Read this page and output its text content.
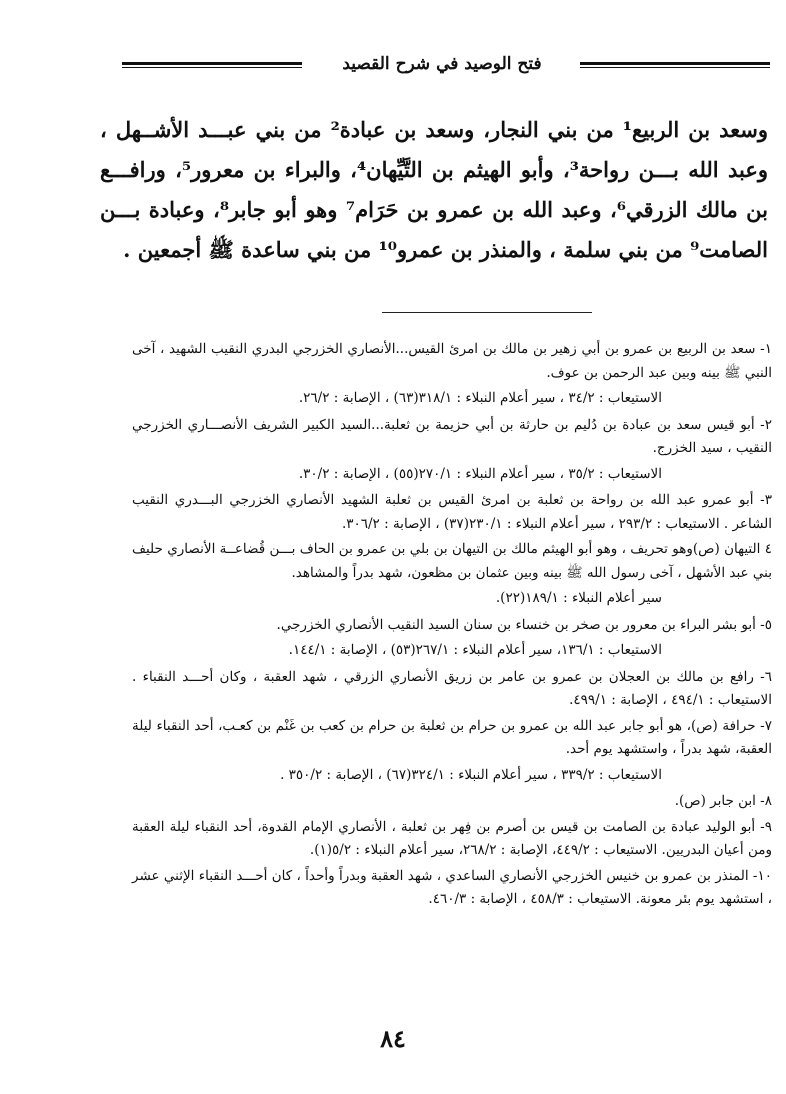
فتح الوصيد في شرح القصيد

وسعد بن الربيع¹ من بني النجار، وسعد بن عبادة² من بني عبـــد الأشــهل ، وعبد الله بـــن رواحة³، وأبو الهيثم بن التَّيِّهان⁴، والبراء بن معرور⁵، ورافـــع بن مالك الزرقي⁶، وعبد الله بن عمرو بن حَرَام⁷ وهو أبو جابر⁸، وعبادة بـــن الصامت⁹ من بني سلمة ، والمنذر بن عمرو¹⁰ من بني ساعدة ﷺ أجمعين .

١- سعد بن الربيع بن عمرو بن أبي زهير بن مالك بن امرئ القيس...الأنصاري الخزرجي البدري النقيب الشهيد ، آخى النبي ﷺ بينه وبين عبد الرحمن بن عوف.

الاستيعاب : ٣٤/٢ ، سير أعلام النبلاء : ٣١٨/١(٦٣) ، الإصابة : ٢٦/٢.

٢- أبو قيس سعد بن عبادة بن دُليم بن حارثة بن أبي حزيمة بن ثعلبة...السيد الكبير الشريف الأنصـــاري الخزرجي النقيب ، سيد الخزرج.

الاستيعاب : ٣٥/٢ ، سير أعلام النبلاء : ٢٧٠/١(٥٥) ، الإصابة : ٣٠/٢.

٣- أبو عمرو عبد الله بن رواحة بن ثعلبة بن امرئ القيس بن ثعلبة الشهيد الأنصاري الخزرجي البـــدري النقيب الشاعر . الاستيعاب : ٢٩٣/٢ ، سير أعلام النبلاء : ٢٣٠/١(٣٧) ، الإصابة : ٣٠٦/٢.

٤ التيهان (ص)وهو تحريف ، وهو أبو الهيثم مالك بن التيهان بن بلي بن عمرو بن الحاف بـــن قُضاعــة الأنصاري حليف بني عبد الأشهل ، آخى رسول الله ﷺ بينه وبين عثمان بن مظعون، شهد بدراً والمشاهد.

سير أعلام النبلاء : ١٨٩/١(٢٢).

٥- أبو بشر البراء بن معرور بن صخر بن خنساء بن سنان السيد النقيب الأنصاري الخزرجي.

الاستيعاب : ١٣٦/١، سير أعلام النبلاء : ٢٦٧/١(٥٣) ، الإصابة : ١٤٤/١.

٦- رافع بن مالك بن العجلان بن عمرو بن عامر بن زريق الأنصاري الزرقي ، شهد العقبة ، وكان أحـــد النقباء . الاستيعاب : ٤٩٤/١ ، الإصابة : ٤٩٩/١.

٧- حرافة (ص)، هو أبو جابر عبد الله بن عمرو بن حرام بن ثعلبة بن حرام بن كعب بن غَنْم بن كعـب، أحد النقباء ليلة العقبة، شهد بدراً ، واستشهد يوم أحد.

الاستيعاب : ٣٣٩/٢ ، سير أعلام النبلاء : ٣٢٤/١(٦٧) ، الإصابة : ٣٥٠/٢ .

٨- ابن جابر (ص).

٩- أبو الوليد عبادة بن الصامت بن قيس بن أصرم بن فِهر بن ثعلبة ، الأنصاري الإمام القدوة، أحد النقباء ليلة العقبة ومن أعيان البدريين. الاستيعاب : ٤٤٩/٢، الإصابة : ٢٦٨/٢، سير أعلام النبلاء : ٥/٢(١).

١٠- المنذر بن عمرو بن خنيس الخزرجي الأنصاري الساعدي ، شهد العقبة وبدراً وأحداً ، كان أحـــد النقباء الإثني عشر ، استشهد يوم بئر معونة. الاستيعاب : ٤٥٨/٣ ، الإصابة : ٤٦٠/٣.

٨٤
